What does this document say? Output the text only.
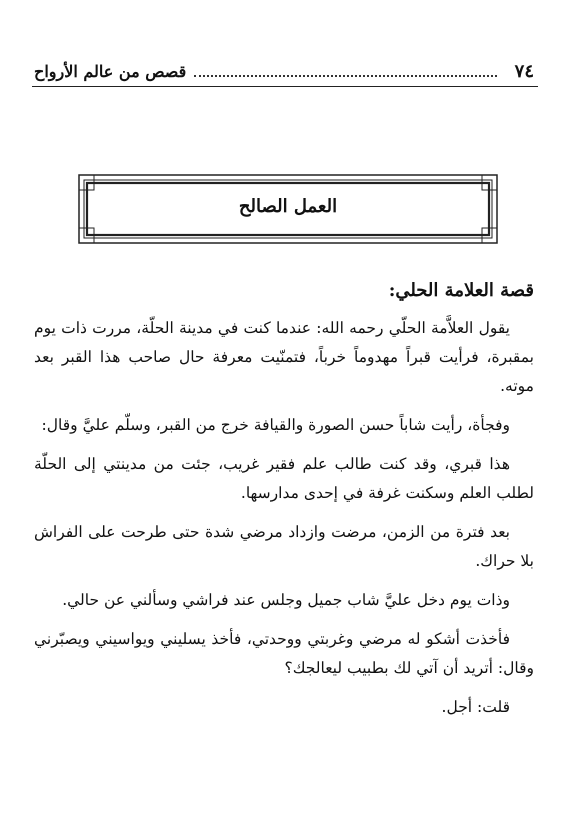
٧٤
قصص من عالم الأرواح
العمل الصالح
قصة العلامة الحلي:

يقول العلاَّمة الحلّي رحمه الله: عندما كنت في مدينة الحلّة، مررت ذات يوم بمقبرة، فرأيت قبراً مهدوماً خرباً، فتمنّيت معرفة حال صاحب هذا القبر بعد موته.

وفجأة، رأيت شاباً حسن الصورة والقيافة خرج من القبر، وسلّم عليَّ وقال:

هذا قبري، وقد كنت طالب علم فقير غريب، جئت من مدينتي إلى الحلّة لطلب العلم وسكنت غرفة في إحدى مدارسها.

بعد فترة من الزمن، مرضت وازداد مرضي شدة حتى طرحت على الفراش بلا حراك.

وذات يوم دخل عليَّ شاب جميل وجلس عند فراشي وسألني عن حالي.

فأخذت أشكو له مرضي وغربتي ووحدتي، فأخذ يسليني ويواسيني ويصبّرني وقال: أتريد أن آتي لك بطبيب ليعالجك؟

قلت: أجل.
